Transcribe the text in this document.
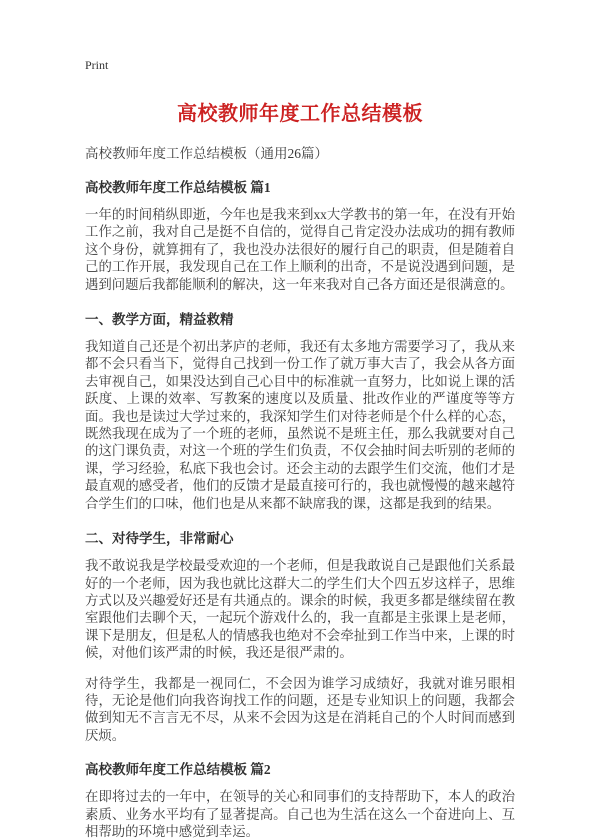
Print
高校教师年度工作总结模板

高校教师年度工作总结模板（通用26篇）

高校教师年度工作总结模板 篇1

一年的时间稍纵即逝，今年也是我来到xx大学教书的第一年，在没有开始工作之前，我对自己是挺不自信的，觉得自己肯定没办法成功的拥有教师这个身份，就算拥有了，我也没办法很好的履行自己的职责，但是随着自己的工作开展，我发现自己在工作上顺利的出奇，不是说没遇到问题，是遇到问题后我都能顺利的解决，这一年来我对自己各方面还是很满意的。

一、教学方面，精益救精

我知道自己还是个初出茅庐的老师，我还有太多地方需要学习了，我从来都不会只看当下，觉得自己找到一份工作了就万事大吉了，我会从各方面去审视自己，如果没达到自己心目中的标准就一直努力，比如说上课的活跃度、上课的效率、写教案的速度以及质量、批改作业的严谨度等等方面。我也是读过大学过来的，我深知学生们对待老师是个什么样的心态，既然我现在成为了一个班的老师，虽然说不是班主任，那么我就要对自己的这门课负责，对这一个班的学生们负责，不仅会抽时间去听别的老师的课，学习经验，私底下我也会讨。还会主动的去跟学生们交流，他们才是最直观的感受者，他们的反馈才是最直接可行的，我也就慢慢的越来越符合学生们的口味，他们也是从来都不缺席我的课，这都是我到的结果。

二、对待学生，非常耐心

我不敢说我是学校最受欢迎的一个老师，但是我敢说自己是跟他们关系最好的一个老师，因为我也就比这群大二的学生们大个四五岁这样子，思维方式以及兴趣爱好还是有共通点的。课余的时候，我更多都是继续留在教室跟他们去聊个天，一起玩个游戏什么的，我一直都是主张课上是老师，课下是朋友，但是私人的情感我也绝对不会牵扯到工作当中来，上课的时候，对他们该严肃的时候，我还是很严肃的。

对待学生，我都是一视同仁，不会因为谁学习成绩好，我就对谁另眼相待，无论是他们向我咨询找工作的问题，还是专业知识上的问题，我都会做到知无不言言无不尽，从来不会因为这是在消耗自己的个人时间而感到厌烦。

高校教师年度工作总结模板 篇2

在即将过去的一年中，在领导的关心和同事们的支持帮助下，本人的政治素质、业务水平均有了显著提高。自己也为生活在这么一个奋进向上、互相帮助的环境中感觉到幸运。
